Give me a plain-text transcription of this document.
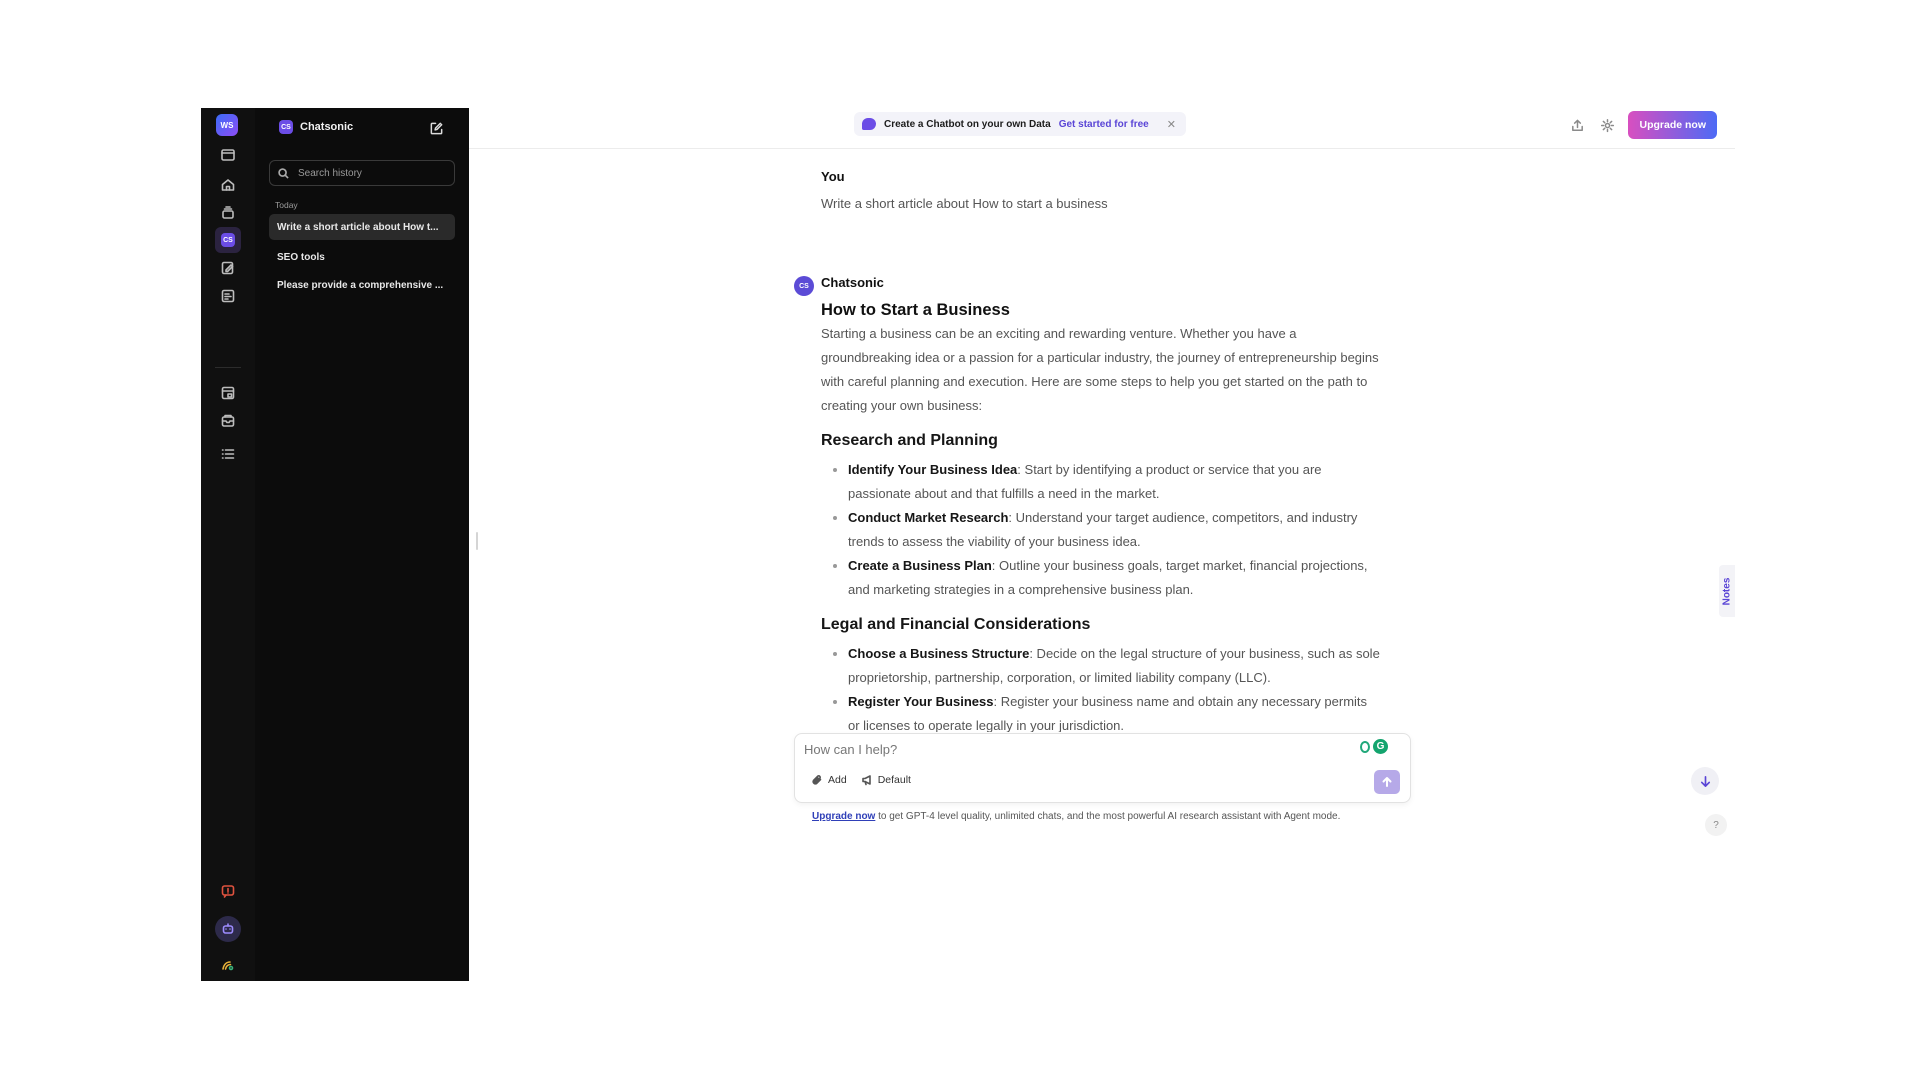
WS
CS
CS Chatsonic
Search history
Today
Write a short article about How t...
SEO tools
Please provide a comprehensive ...
Create a Chatbot on your own Data Get started for free ✕	Upgrade now
You
Write a short article about How to start a business
CS Chatsonic
How to Start a Business

Starting a business can be an exciting and rewarding venture. Whether you have a groundbreaking idea or a passion for a particular industry, the journey of entrepreneurship begins with careful planning and execution. Here are some steps to help you get started on the path to creating your own business:

Research and Planning
• Identify Your Business Idea: Start by identifying a product or service that you are passionate about and that fulfills a need in the market.
• Conduct Market Research: Understand your target audience, competitors, and industry trends to assess the viability of your business idea.
• Create a Business Plan: Outline your business goals, target market, financial projections, and marketing strategies in a comprehensive business plan.
Legal and Financial Considerations
• Choose a Business Structure: Decide on the legal structure of your business, such as sole proprietorship, partnership, corporation, or limited liability company (LLC).
• Register Your Business: Register your business name and obtain any necessary permits or licenses to operate legally in your jurisdiction.
Notes
How can I help?
G
Add	Default
Upgrade now to get GPT-4 level quality, unlimited chats, and the most powerful AI research assistant with Agent mode.
?
